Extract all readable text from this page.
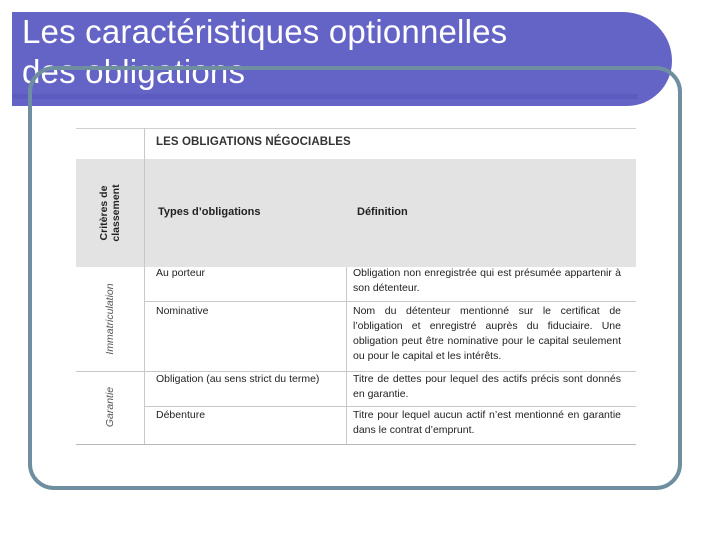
Les caractéristiques optionnelles
des obligations
LES OBLIGATIONS NÉGOCIABLES
Critères de classement	Types d’obligations	Définition
Immatriculation
Au porteur	Obligation non enregistrée qui est présumée appartenir à son détenteur.
Nominative	Nom du détenteur mentionné sur le certificat de l’obligation et enregistré auprès du fiduciaire. Une obligation peut être nominative pour le capital seulement ou pour le capital et les intérêts.
Garantie
Obligation (au sens strict du terme)	Titre de dettes pour lequel des actifs précis sont donnés en garantie.
Débenture	Titre pour lequel aucun actif n’est mentionné en garantie dans le contrat d’emprunt.
